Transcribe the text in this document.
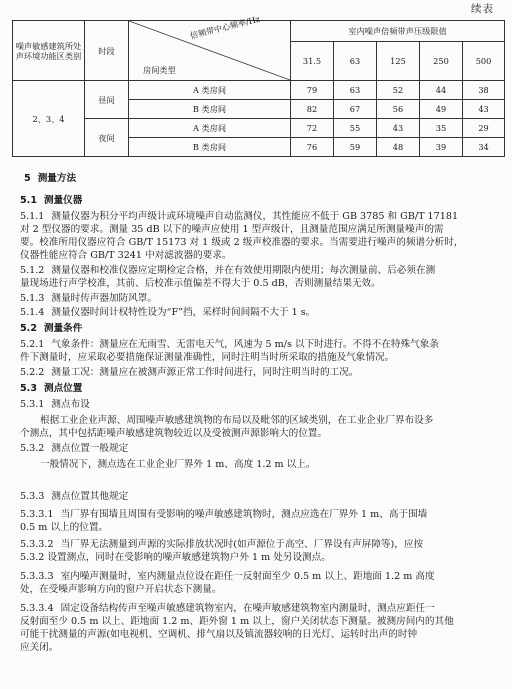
续表
噪声敏感建筑所处声环境功能区类别	时段	倍频带中心频率/Hz
房间类型	室内噪声倍频带声压级限值				
			31.5	63	125	250	500
2、3、4	昼间	A 类房间	79	63	52	44	38
		B 类房间	82	67	56	49	43
	夜间	A 类房间	72	55	43	35	29
		B 类房间	76	59	48	39	34
5 测量方法
5.1 测量仪器
5.1.1 测量仪器为积分平均声级计或环境噪声自动监测仪，其性能应不低于 GB 3785 和 GB/T 17181
对 2 型仪器的要求。测量 35 dB 以下的噪声应使用 1 型声级计，且测量范围应满足所测量噪声的需
要。校准所用仪器应符合 GB/T 15173 对 1 级或 2 级声校准器的要求。当需要进行噪声的频谱分析时，
仪器性能应符合 GB/T 3241 中对滤波器的要求。
5.1.2 测量仪器和校准仪器应定期检定合格，并在有效使用期限内使用；每次测量前、后必须在测
量现场进行声学校准，其前、后校准示值偏差不得大于 0.5 dB，否则测量结果无效。
5.1.3 测量时传声器加防风罩。
5.1.4 测量仪器时间计权特性设为“F”挡，采样时间间隔不大于 1 s。
5.2 测量条件
5.2.1 气象条件：测量应在无雨雪、无雷电天气，风速为 5 m/s 以下时进行。不得不在特殊气象条
件下测量时，应采取必要措施保证测量准确性，同时注明当时所采取的措施及气象情况。
5.2.2 测量工况：测量应在被测声源正常工作时间进行，同时注明当时的工况。
5.3 测点位置
5.3.1 测点布设
根据工业企业声源、周围噪声敏感建筑物的布局以及毗邻的区域类别，在工业企业厂界布设多
个测点，其中包括距噪声敏感建筑物较近以及受被测声源影响大的位置。
5.3.2 测点位置一般规定
一般情况下，测点选在工业企业厂界外 1 m、高度 1.2 m 以上。
5.3.3 测点位置其他规定
5.3.3.1 当厂界有围墙且周围有受影响的噪声敏感建筑物时，测点应选在厂界外 1 m、高于围墙
0.5 m 以上的位置。
5.3.3.2 当厂界无法测量到声源的实际排放状况时(如声源位于高空、厂界设有声屏障等)，应按
5.3.2 设置测点，同时在受影响的噪声敏感建筑物户外 1 m 处另设测点。
5.3.3.3 室内噪声测量时，室内测量点位设在距任一反射面至少 0.5 m 以上、距地面 1.2 m 高度
处，在受噪声影响方向的窗户开启状态下测量。
5.3.3.4 固定设备结构传声至噪声敏感建筑物室内，在噪声敏感建筑物室内测量时，测点应距任一
反射面至少 0.5 m 以上、距地面 1.2 m、距外窗 1 m 以上，窗户关闭状态下测量。被测房间内的其他
可能干扰测量的声源(如电视机、空调机、排气扇以及镇流器较响的日光灯、运转时出声的时钟
应关闭。
